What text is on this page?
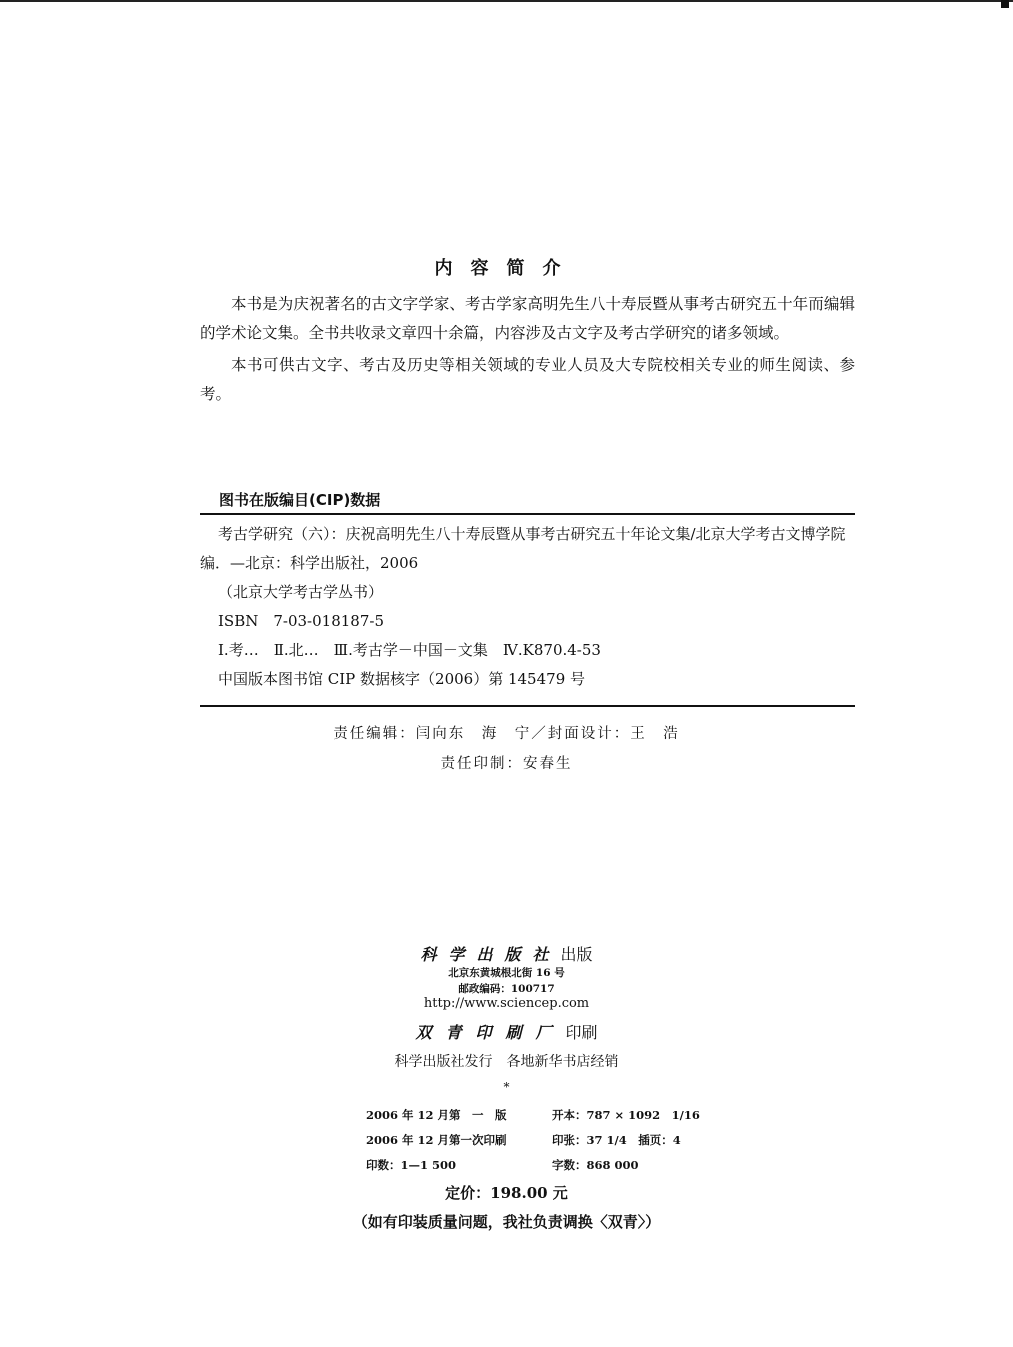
内容简介

本书是为庆祝著名的古文字学家、考古学家高明先生八十寿辰暨从事考古研究五十年而编辑的学术论文集。全书共收录文章四十余篇，内容涉及古文字及考古学研究的诸多领域。

本书可供古文字、考古及历史等相关领域的专业人员及大专院校相关专业的师生阅读、参考。

图书在版编目(CIP)数据

考古学研究（六）：庆祝高明先生八十寿辰暨从事考古研究五十年论文集/北京大学考古文博学院编．—北京：科学出版社，2006

（北京大学考古学丛书）

ISBN　7-03-018187-5

Ⅰ.考…　Ⅱ.北…　Ⅲ.考古学－中国－文集　Ⅳ.K870.4-53

中国版本图书馆 CIP 数据核字（2006）第 145479 号

责任编辑：闫向东　海　宁／封面设计：王　浩
责任印制：安春生
科学出版社出版
北京东黄城根北街 16 号
邮政编码：100717
http://www.sciencep.com
双青印刷厂印刷
科学出版社发行　各地新华书店经销
*
2006 年 12 月第　一　版	开本：787 × 1092　1/16
2006 年 12 月第一次印刷	印张：37 1/4　插页：4
印数：1—1 500	字数：868 000
定价：198.00 元
（如有印装质量问题，我社负责调换〈双青〉）
